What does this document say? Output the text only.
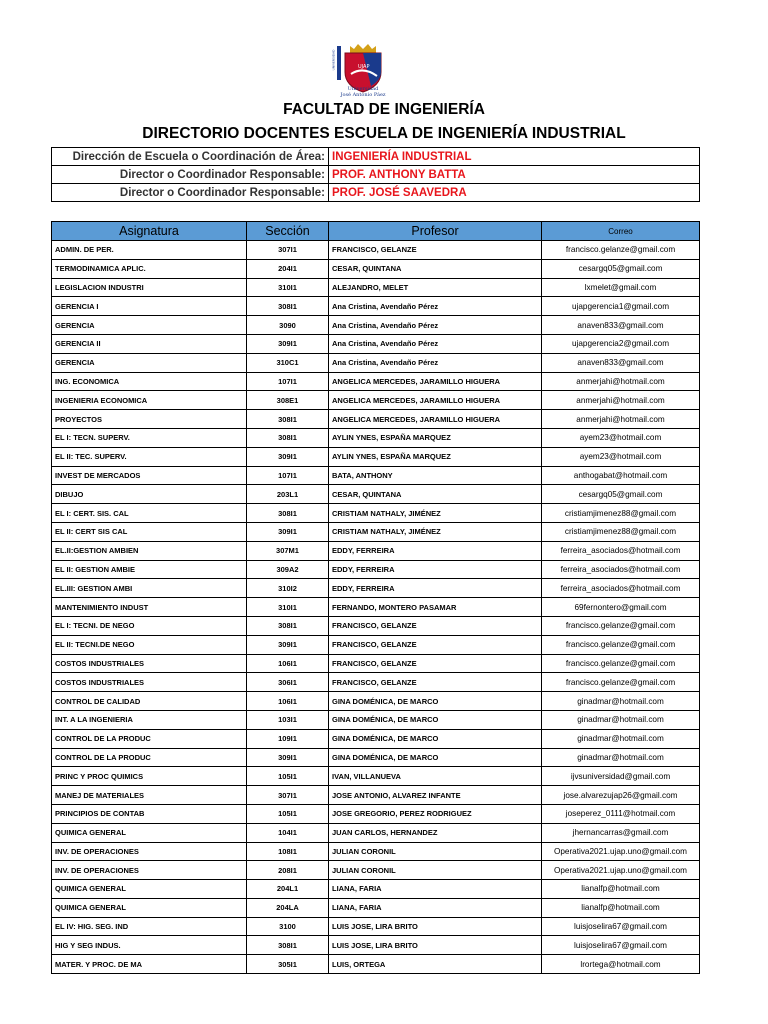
UJAP
Universidad
José Antonio Páez
UNIVERSIDAD
FACULTAD DE INGENIERÍA
DIRECTORIO DOCENTES ESCUELA DE INGENIERÍA INDUSTRIAL
Dirección de Escuela o Coordinación de Área:	INGENIERÍA INDUSTRIAL
Director o Coordinador Responsable:	PROF. ANTHONY BATTA
Director o Coordinador Responsable:	PROF. JOSÉ SAAVEDRA
Asignatura	Sección	Profesor	Correo
ADMIN. DE PER.	307I1	FRANCISCO, GELANZE	francisco.gelanze@gmail.com
TERMODINAMICA APLIC.	204I1	CESAR, QUINTANA	cesargq05@gmail.com
LEGISLACION INDUSTRI	310I1	ALEJANDRO, MELET	lxmelet@gmail.com
GERENCIA I	308I1	Ana Cristina, Avendaño Pérez	ujapgerencia1@gmail.com
GERENCIA	3090	Ana Cristina, Avendaño Pérez	anaven833@gmail.com
GERENCIA II	309I1	Ana Cristina, Avendaño Pérez	ujapgerencia2@gmail.com
GERENCIA	310C1	Ana Cristina, Avendaño Pérez	anaven833@gmail.com
ING. ECONOMICA	107I1	ANGELICA MERCEDES, JARAMILLO HIGUERA	anmerjahi@hotmail.com
INGENIERIA ECONOMICA	308E1	ANGELICA MERCEDES, JARAMILLO HIGUERA	anmerjahi@hotmail.com
PROYECTOS	308I1	ANGELICA MERCEDES, JARAMILLO HIGUERA	anmerjahi@hotmail.com
EL I: TECN. SUPERV.	308I1	AYLIN YNES, ESPAÑA MARQUEZ	ayem23@hotmail.com
EL II: TEC. SUPERV.	309I1	AYLIN YNES, ESPAÑA MARQUEZ	ayem23@hotmail.com
INVEST DE MERCADOS	107I1	BATA, ANTHONY	anthogabat@hotmail.com
DIBUJO	203L1	CESAR, QUINTANA	cesargq05@gmail.com
EL I: CERT. SIS. CAL	308I1	CRISTIAM NATHALY, JIMÉNEZ	cristiamjimenez88@gmail.com
EL II: CERT SIS CAL	309I1	CRISTIAM NATHALY, JIMÉNEZ	cristiamjimenez88@gmail.com
EL.II:GESTION AMBIEN	307M1	EDDY, FERREIRA	ferreira_asociados@hotmail.com
EL II: GESTION AMBIE	309A2	EDDY, FERREIRA	ferreira_asociados@hotmail.com
EL.III: GESTION AMBI	310I2	EDDY, FERREIRA	ferreira_asociados@hotmail.com
MANTENIMIENTO INDUST	310I1	FERNANDO, MONTERO PASAMAR	69fernontero@gmail.com
EL I: TECNI. DE NEGO	308I1	FRANCISCO, GELANZE	francisco.gelanze@gmail.com
EL II: TECNI.DE NEGO	309I1	FRANCISCO, GELANZE	francisco.gelanze@gmail.com
COSTOS INDUSTRIALES	106I1	FRANCISCO, GELANZE	francisco.gelanze@gmail.com
COSTOS INDUSTRIALES	306I1	FRANCISCO, GELANZE	francisco.gelanze@gmail.com
CONTROL DE CALIDAD	106I1	GINA DOMÉNICA, DE MARCO	ginadmar@hotmail.com
INT. A LA INGENIERIA	103I1	GINA DOMÉNICA, DE MARCO	ginadmar@hotmail.com
CONTROL DE LA PRODUC	109I1	GINA DOMÉNICA, DE MARCO	ginadmar@hotmail.com
CONTROL DE LA PRODUC	309I1	GINA DOMÉNICA, DE MARCO	ginadmar@hotmail.com
PRINC Y PROC QUIMICS	105I1	IVAN, VILLANUEVA	ijvsuniversidad@gmail.com
MANEJ DE MATERIALES	307I1	JOSE ANTONIO, ALVAREZ INFANTE	jose.alvarezujap26@gmail.com
PRINCIPIOS DE CONTAB	105I1	JOSE GREGORIO, PEREZ RODRIGUEZ	joseperez_0111@hotmail.com
QUIMICA GENERAL	104I1	JUAN CARLOS, HERNANDEZ	jhernancarras@gmail.com
INV. DE OPERACIONES	108I1	JULIAN CORONIL	Operativa2021.ujap.uno@gmail.com
INV. DE OPERACIONES	208I1	JULIAN CORONIL	Operativa2021.ujap.uno@gmail.com
QUIMICA GENERAL	204L1	LIANA, FARIA	lianalfp@hotmail.com
QUIMICA GENERAL	204LA	LIANA, FARIA	lianalfp@hotmail.com
EL IV: HIG. SEG. IND	3100	LUIS JOSE, LIRA BRITO	luisjoselira67@gmail.com
HIG Y SEG INDUS.	308I1	LUIS JOSE, LIRA BRITO	luisjoselira67@gmail.com
MATER. Y PROC. DE MA	305I1	LUIS, ORTEGA	lrortega@hotmail.com
